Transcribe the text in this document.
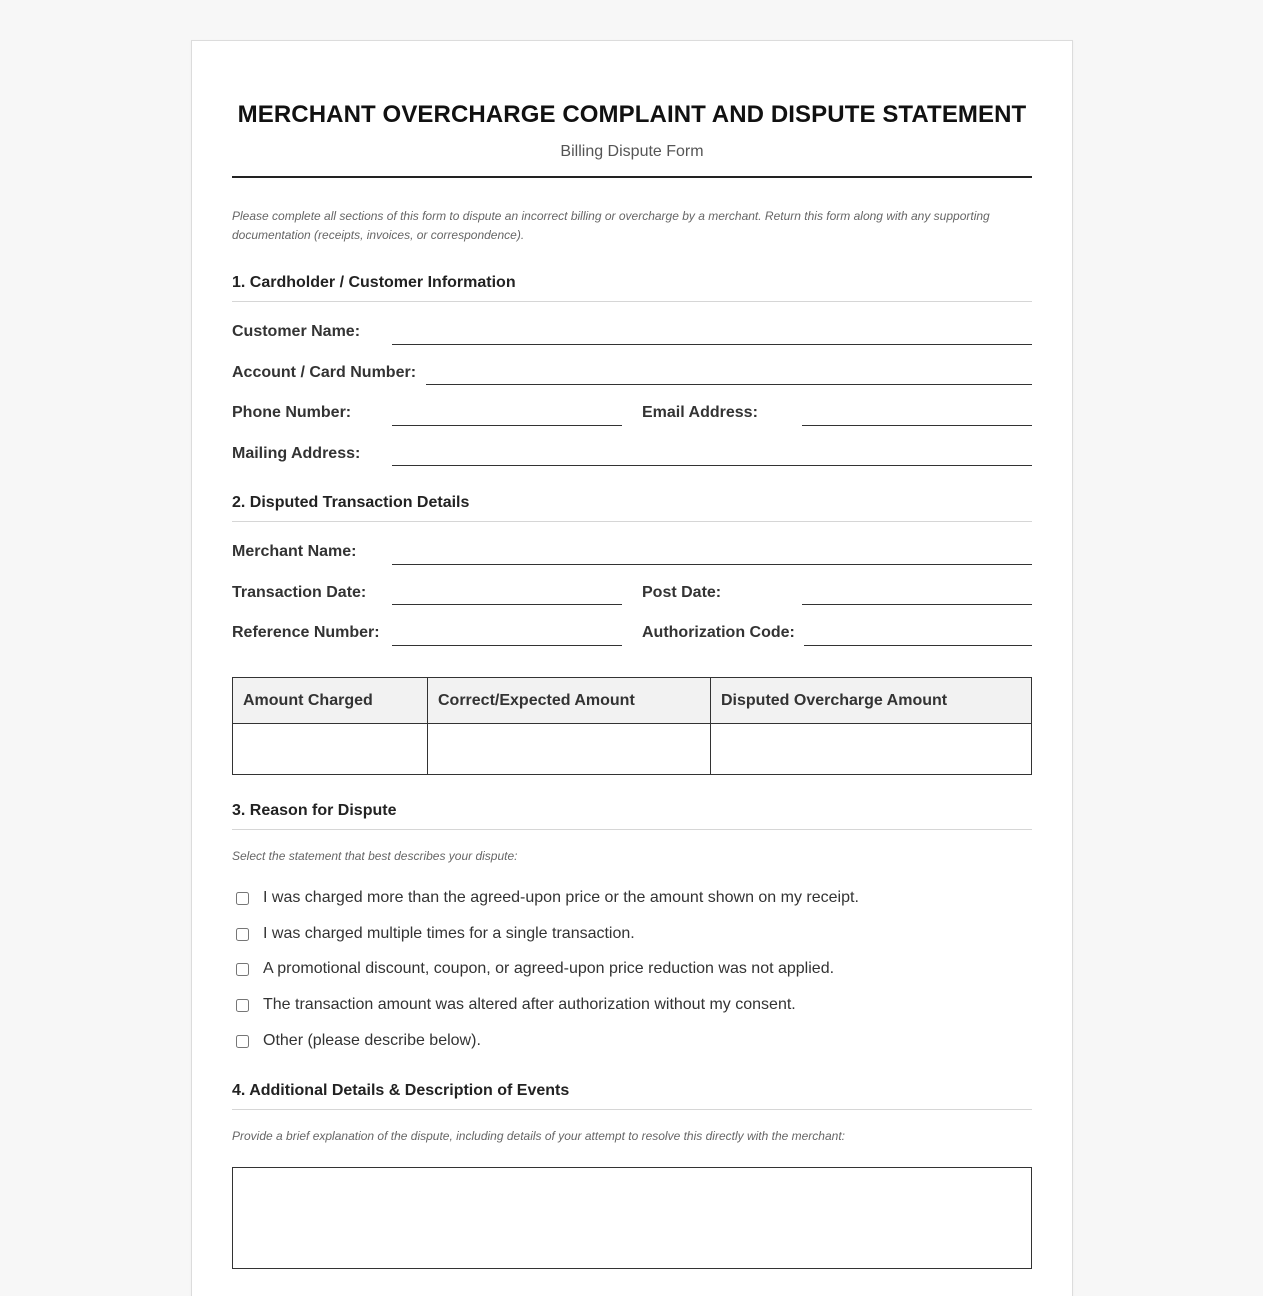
MERCHANT OVERCHARGE COMPLAINT AND DISPUTE STATEMENT
Billing Dispute Form
Please complete all sections of this form to dispute an incorrect billing or overcharge by a merchant. Return this form along with any supporting documentation (receipts, invoices, or correspondence).
1. Cardholder / Customer Information
Customer Name:
Account / Card Number:
Phone Number:	Email Address:
Mailing Address:
2. Disputed Transaction Details
Merchant Name:
Transaction Date:	Post Date:
Reference Number:	Authorization Code:
Amount Charged	Correct/Expected Amount	Disputed Overcharge Amount

3. Reason for Dispute
Select the statement that best describes your dispute:
I was charged more than the agreed-upon price or the amount shown on my receipt.
I was charged multiple times for a single transaction.
A promotional discount, coupon, or agreed-upon price reduction was not applied.
The transaction amount was altered after authorization without my consent.
Other (please describe below).
4. Additional Details & Description of Events
Provide a brief explanation of the dispute, including details of your attempt to resolve this directly with the merchant:
